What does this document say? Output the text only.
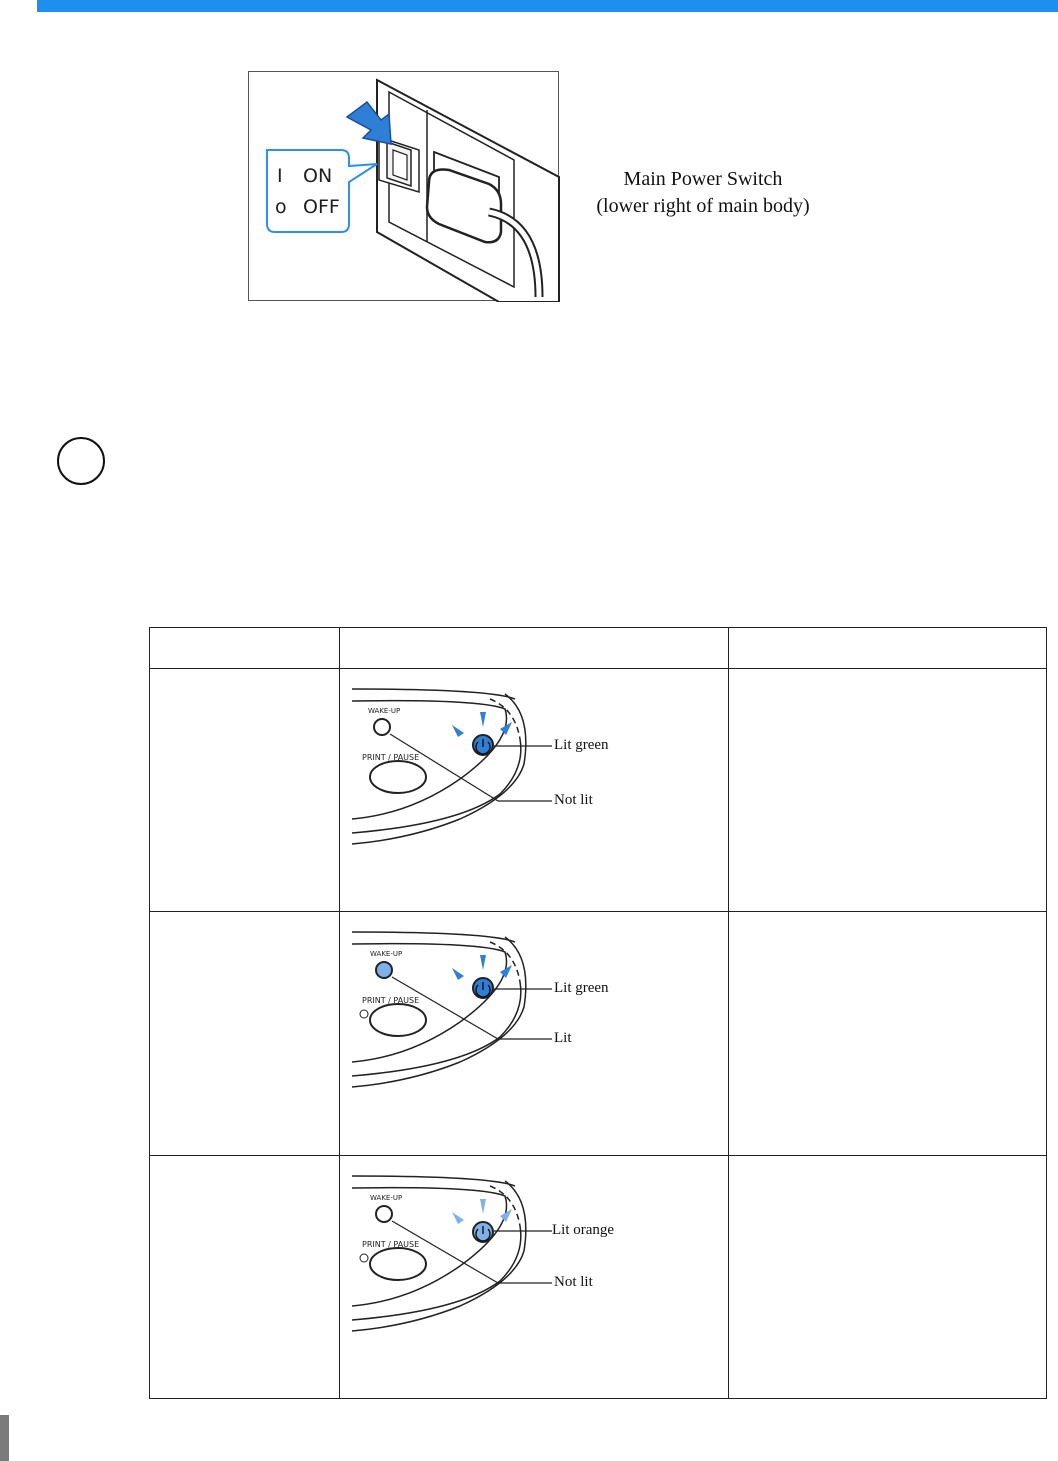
I ON
o OFF
Main Power Switch
(lower right of main body)

	WAKE-UP
PRINT / PAUSE
Lit green
Not lit	

	WAKE-UP
PRINT / PAUSE
Lit green
Lit	

	WAKE-UP
PRINT / PAUSE
Lit orange
Not lit	
